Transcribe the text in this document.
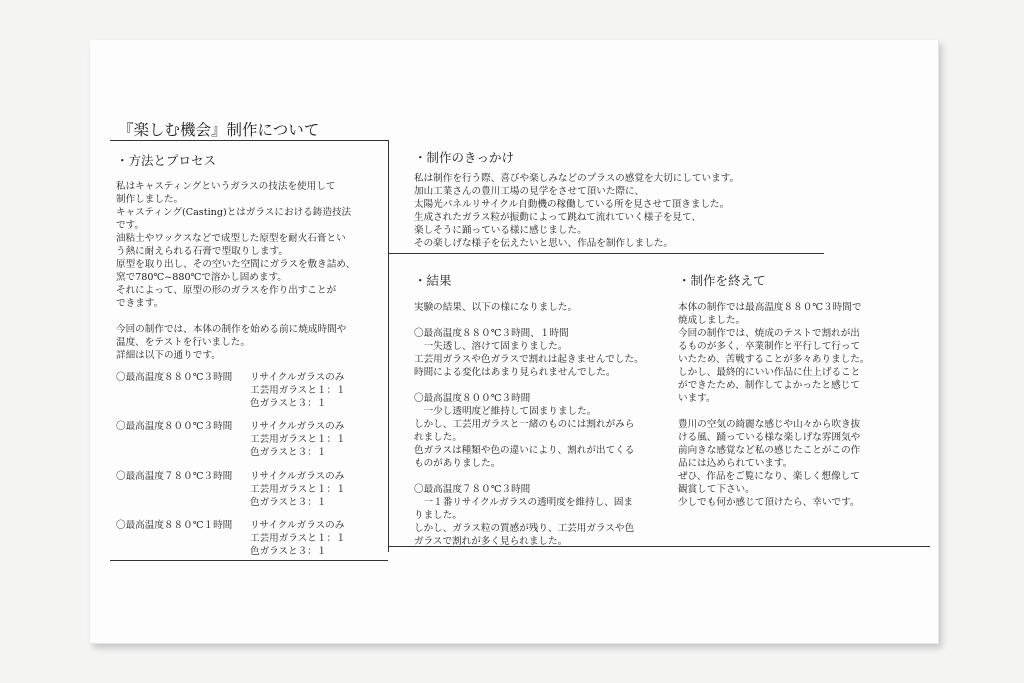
『楽しむ機会』制作について
・方法とプロセス
私はキャスティングというガラスの技法を使用して
制作しました。
キャスティング(Casting)とはガラスにおける鋳造技法
です。
油粘土やワックスなどで成型した原型を耐火石膏とい
う熱に耐えられる石膏で型取りします。
原型を取り出し、その空いた空間にガラスを敷き詰め、
窯で780℃~880℃で溶かし固めます。
それによって、原型の形のガラスを作り出すことが
できます。

今回の制作では、本体の制作を始める前に焼成時間や
温度、をテストを行いました。
詳細は以下の通りです。
〇最高温度８８０℃３時間 リサイクルガラスのみ
工芸用ガラスと１：１
色ガラスと３：１
〇最高温度８００℃３時間 リサイクルガラスのみ
工芸用ガラスと１：１
色ガラスと３：１
〇最高温度７８０℃３時間 リサイクルガラスのみ
工芸用ガラスと１：１
色ガラスと３：１
〇最高温度８８０℃１時間 リサイクルガラスのみ
工芸用ガラスと１：１
色ガラスと３：１
・制作のきっかけ
私は制作を行う際、喜びや楽しみなどのプラスの感覚を大切にしています。
加山工業さんの豊川工場の見学をさせて頂いた際に、
太陽光パネルリサイクル自動機の稼働している所を見させて頂きました。
生成されたガラス粒が振動によって跳ねて流れていく様子を見て、
楽しそうに踊っている様に感じました。
その楽しげな様子を伝えたいと思い、作品を制作しました。
・結果
実験の結果、以下の様になりました。

〇最高温度８８０℃３時間、１時間
　一失透し、溶けて固まりました。
工芸用ガラスや色ガラスで割れは起きませんでした。
時間による変化はあまり見られませんでした。

〇最高温度８００℃３時間
　一少し透明度ど維持して固まりました。
しかし、工芸用ガラスと一緒のものには割れがみら
れました。
色ガラスは種類や色の違いにより、割れが出てくる
ものがありました。

〇最高温度７８０℃３時間
　一１番リサイクルガラスの透明度を維持し、固ま
りました。
しかし、ガラス粒の質感が残り、工芸用ガラスや色
ガラスで割れが多く見られました。
・制作を終えて
本体の制作では最高温度８８０℃３時間で
焼成しました。
今回の制作では、焼成のテストで割れが出
るものが多く、卒業制作と平行して行って
いたため、苦戦することが多々ありました。
しかし、最終的にいい作品に仕上げること
ができたため、制作してよかったと感じて
います。

豊川の空気の綺麗な感じや山々から吹き抜
ける風、踊っている様な楽しげな雰囲気や
前向きな感覚など私の感じたことがこの作
品には込められています。
ぜひ、作品をご覧になり、楽しく想像して
観賞して下さい。
少しでも何か感じて頂けたら、幸いです。
